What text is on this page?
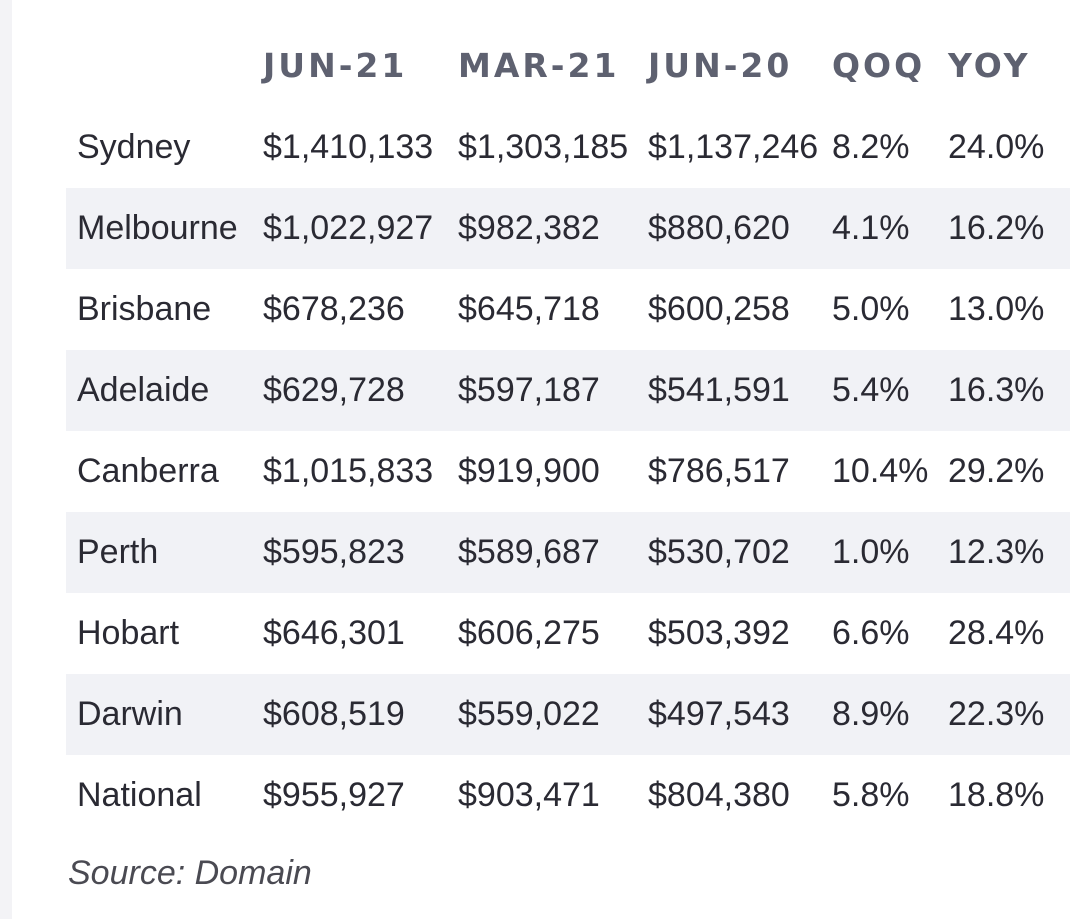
JUN-21	MAR-21 JUN-20	QOQ YOY
Sydney	$1,410,133 $1,303,185 $1,137,246 8.2%	24.0%
Melbourne $1,022,927 $982,382	$880,620	4.1%	16.2%
Brisbane	$678,236	$645,718	$600,258	5.0%	13.0%
Adelaide	$629,728	$597,187	$541,591	5.4%	16.3%
Canberra	$1,015,833 $919,900	$786,517	10.4% 29.2%
Perth	$595,823	$589,687	$530,702	1.0%	12.3%
Hobart	$646,301	$606,275	$503,392	6.6%	28.4%
Darwin	$608,519	$559,022	$497,543	8.9%	22.3%
National	$955,927	$903,471	$804,380	5.8%	18.8%
Source: Domain
